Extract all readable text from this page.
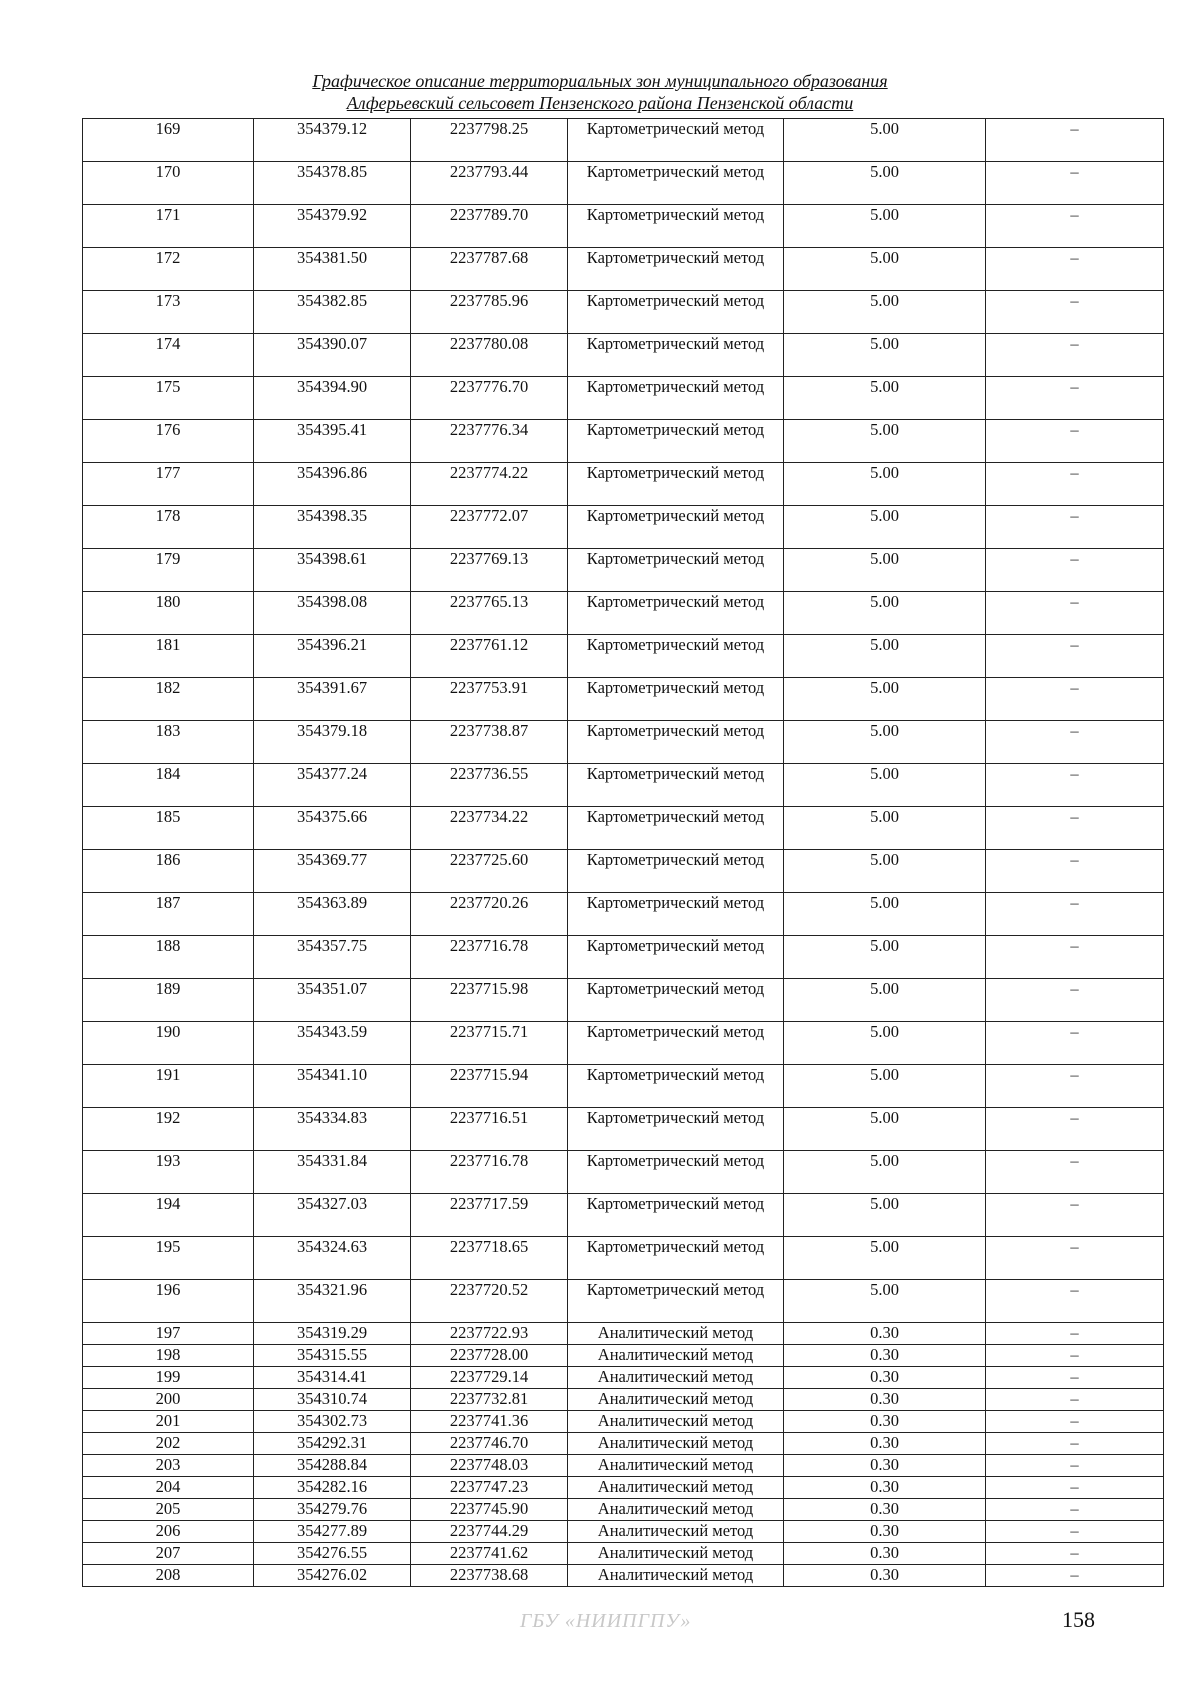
Графическое описание территориальных зон муниципального образования
Алферьевский сельсовет Пензенского района Пензенской области
169	354379.12	2237798.25	Картометрический метод	5.00	–
170	354378.85	2237793.44	Картометрический метод	5.00	–
171	354379.92	2237789.70	Картометрический метод	5.00	–
172	354381.50	2237787.68	Картометрический метод	5.00	–
173	354382.85	2237785.96	Картометрический метод	5.00	–
174	354390.07	2237780.08	Картометрический метод	5.00	–
175	354394.90	2237776.70	Картометрический метод	5.00	–
176	354395.41	2237776.34	Картометрический метод	5.00	–
177	354396.86	2237774.22	Картометрический метод	5.00	–
178	354398.35	2237772.07	Картометрический метод	5.00	–
179	354398.61	2237769.13	Картометрический метод	5.00	–
180	354398.08	2237765.13	Картометрический метод	5.00	–
181	354396.21	2237761.12	Картометрический метод	5.00	–
182	354391.67	2237753.91	Картометрический метод	5.00	–
183	354379.18	2237738.87	Картометрический метод	5.00	–
184	354377.24	2237736.55	Картометрический метод	5.00	–
185	354375.66	2237734.22	Картометрический метод	5.00	–
186	354369.77	2237725.60	Картометрический метод	5.00	–
187	354363.89	2237720.26	Картометрический метод	5.00	–
188	354357.75	2237716.78	Картометрический метод	5.00	–
189	354351.07	2237715.98	Картометрический метод	5.00	–
190	354343.59	2237715.71	Картометрический метод	5.00	–
191	354341.10	2237715.94	Картометрический метод	5.00	–
192	354334.83	2237716.51	Картометрический метод	5.00	–
193	354331.84	2237716.78	Картометрический метод	5.00	–
194	354327.03	2237717.59	Картометрический метод	5.00	–
195	354324.63	2237718.65	Картометрический метод	5.00	–
196	354321.96	2237720.52	Картометрический метод	5.00	–
197	354319.29	2237722.93	Аналитический метод	0.30	–
198	354315.55	2237728.00	Аналитический метод	0.30	–
199	354314.41	2237729.14	Аналитический метод	0.30	–
200	354310.74	2237732.81	Аналитический метод	0.30	–
201	354302.73	2237741.36	Аналитический метод	0.30	–
202	354292.31	2237746.70	Аналитический метод	0.30	–
203	354288.84	2237748.03	Аналитический метод	0.30	–
204	354282.16	2237747.23	Аналитический метод	0.30	–
205	354279.76	2237745.90	Аналитический метод	0.30	–
206	354277.89	2237744.29	Аналитический метод	0.30	–
207	354276.55	2237741.62	Аналитический метод	0.30	–
208	354276.02	2237738.68	Аналитический метод	0.30	–
ГБУ «НИИПГПУ»	158
